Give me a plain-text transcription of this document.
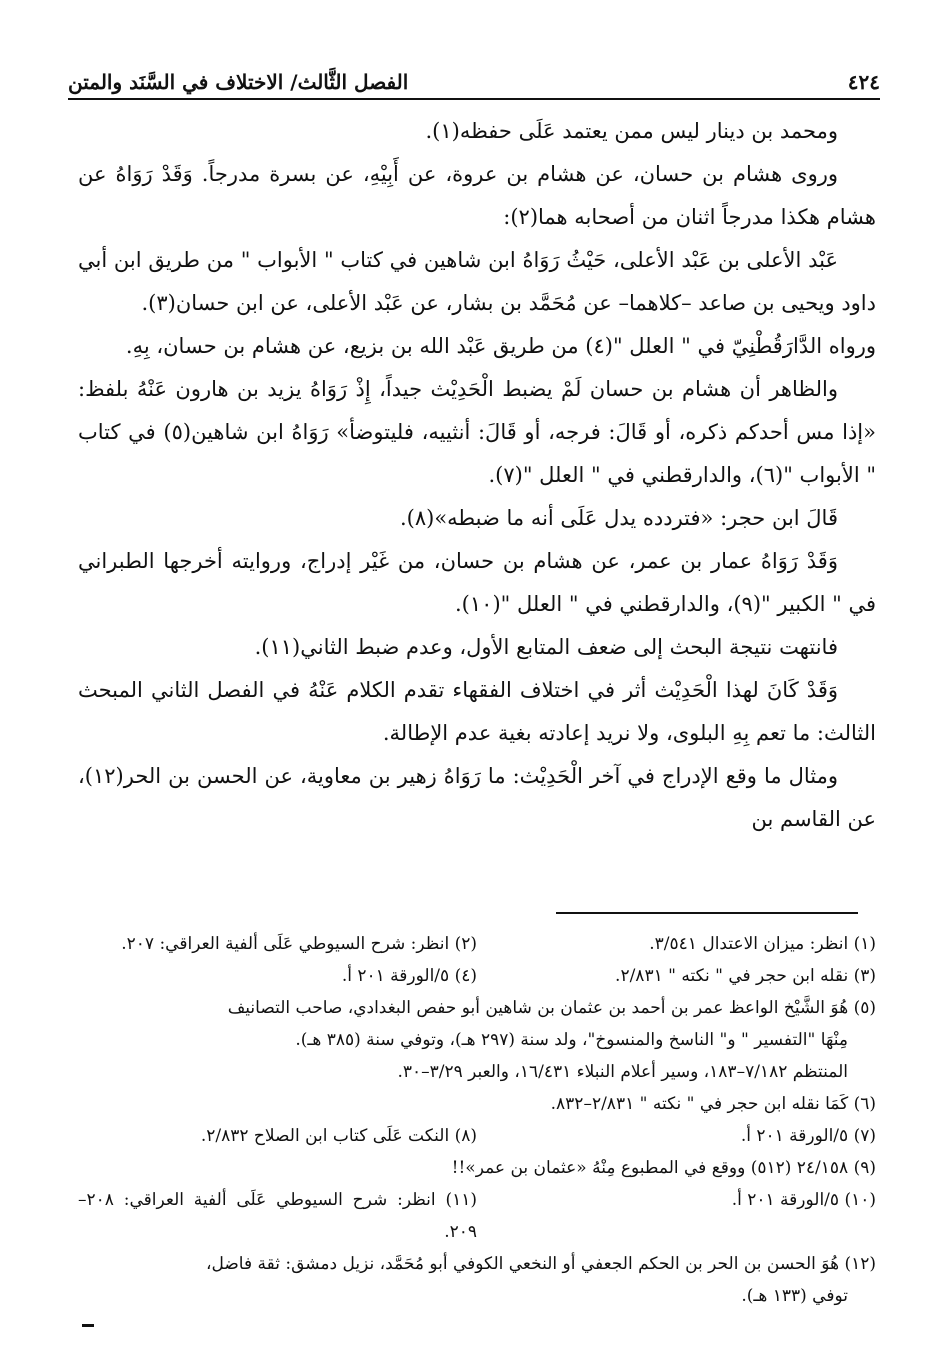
٤٢٤
الفصل الثَّالث/ الاختلاف في السَّنَد والمتن

ومحمد بن دينار ليس ممن يعتمد عَلَى حفظه(١).

وروى هشام بن حسان، عن هشام بن عروة، عن أَبِيْهِ، عن بسرة مدرجاً. وَقَدْ رَوَاهُ عن هشام هكذا مدرجاً اثنان من أصحابه هما(٢):

عَبْد الأعلى بن عَبْد الأعلى، حَيْثُ رَوَاهُ ابن شاهين في كتاب " الأبواب " من طريق ابن أبي داود ويحيى بن صاعد –كلاهما– عن مُحَمَّد بن بشار، عن عَبْد الأعلى، عن ابن حسان(٣).

ورواه الدَّارَقُطْنِيّ في " العلل "(٤) من طريق عَبْد الله بن بزيع، عن هشام بن حسان، بِهِ.

والظاهر أن هشام بن حسان لَمْ يضبط الْحَدِيْث جيداً، إِذْ رَوَاهُ يزيد بن هارون عَنْهُ بلفظ: «إذا مس أحدكم ذكره، أو قَالَ: فرجه، أو قَالَ: أنثييه، فليتوضأ» رَوَاهُ ابن شاهين(٥) في كتاب " الأبواب "(٦)، والدارقطني في " العلل "(٧).

قَالَ ابن حجر: «فتردده يدل عَلَى أنه ما ضبطه»(٨).

وَقَدْ رَوَاهُ عمار بن عمر، عن هشام بن حسان، من غَيْر إدراج، وروايته أخرجها الطبراني في " الكبير "(٩)، والدارقطني في " العلل "(١٠).

فانتهت نتيجة البحث إلى ضعف المتابع الأول، وعدم ضبط الثاني(١١).

وَقَدْ كَانَ لهذا الْحَدِيْث أثر في اختلاف الفقهاء تقدم الكلام عَنْهُ في الفصل الثاني المبحث الثالث: ما تعم بِهِ البلوى، ولا نريد إعادته بغية عدم الإطالة.

ومثال ما وقع الإدراج في آخر الْحَدِيْث: ما رَوَاهُ زهير بن معاوية، عن الحسن بن الحر(١٢)، عن القاسم بن

(١) انظر: ميزان الاعتدال ٣/٥٤١.
(٢) انظر: شرح السيوطي عَلَى ألفية العراقي: ٢٠٧.
(٣) نقله ابن حجر في " نكته " ٢/٨٣١.
(٤) ٥/الورقة ٢٠١ أ.

(٥) هُوَ الشَّيْخ الواعظ عمر بن أحمد بن عثمان بن شاهين أبو حفص البغدادي، صاحب التصانيف

مِنْهَا "التفسير " و" الناسخ والمنسوخ"، ولد سنة (٢٩٧ هـ)، وتوفي سنة (٣٨٥ هـ).

المنتظم ٧/١٨٢–١٨٣، وسير أعلام النبلاء ١٦/٤٣١، والعبر ٣/٢٩–٣٠.

(٦) كَمَا نقله ابن حجر في " نكته " ٢/٨٣١–٨٣٢.

(٧) ٥/الورقة ٢٠١ أ.
(٨) النكت عَلَى كتاب ابن الصلاح ٢/٨٣٢.

(٩) ٢٤/١٥٨ (٥١٢) ووقع في المطبوع مِنْهُ «عثمان بن عمر»!!

(١٠) ٥/الورقة ٢٠١ أ.
(١١) انظر: شرح السيوطي عَلَى ألفية العراقي: ٢٠٨–٢٠٩.

(١٢) هُوَ الحسن بن الحر بن الحكم الجعفي أو النخعي الكوفي أبو مُحَمَّد، نزيل دمشق: ثقة فاضل،

توفي (١٣٣ هـ).
